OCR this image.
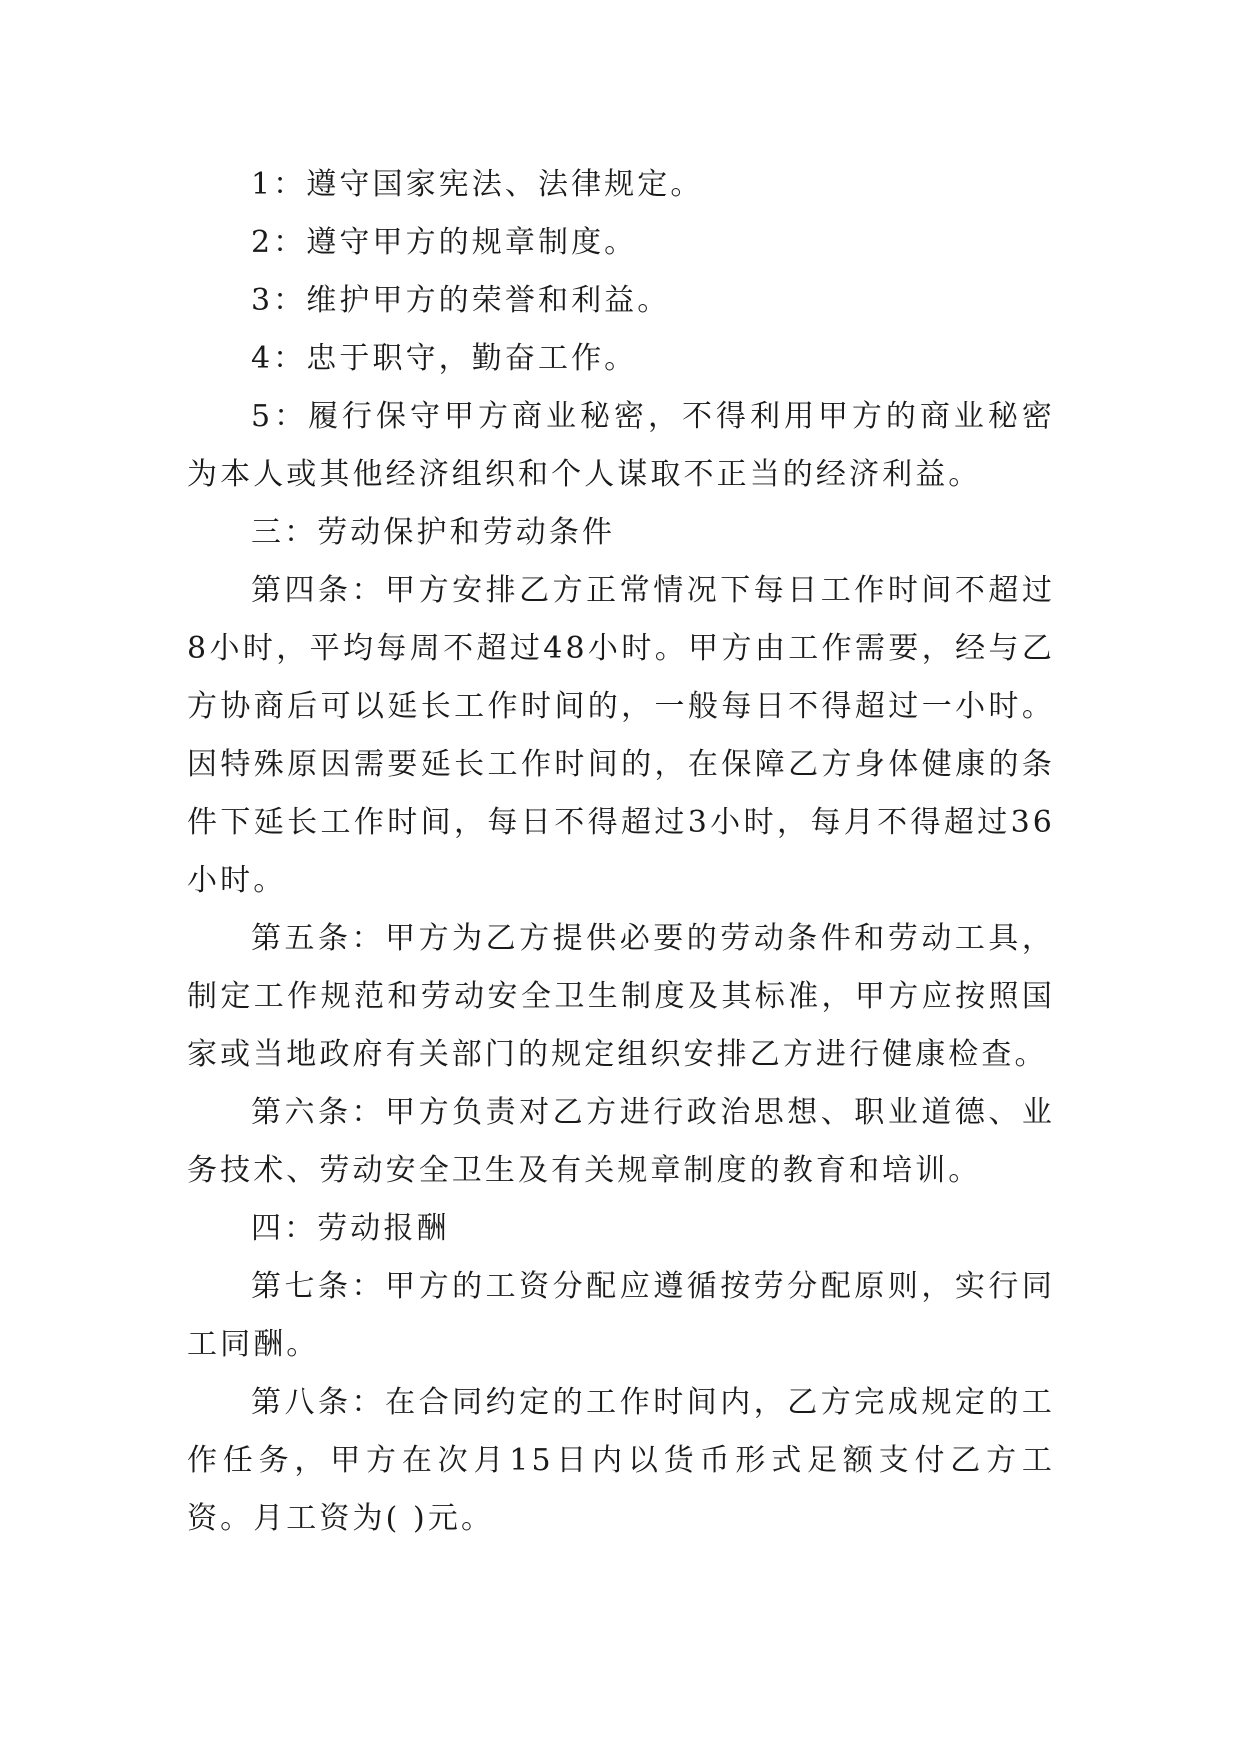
1：遵守国家宪法、法律规定。

2：遵守甲方的规章制度。

3：维护甲方的荣誉和利益。

4：忠于职守，勤奋工作。

5：履行保守甲方商业秘密，不得利用甲方的商业秘密为本人或其他经济组织和个人谋取不正当的经济利益。

三：劳动保护和劳动条件

第四条：甲方安排乙方正常情况下每日工作时间不超过8小时，平均每周不超过48小时。甲方由工作需要，经与乙方协商后可以延长工作时间的，一般每日不得超过一小时。因特殊原因需要延长工作时间的，在保障乙方身体健康的条件下延长工作时间，每日不得超过3小时，每月不得超过36小时。

第五条：甲方为乙方提供必要的劳动条件和劳动工具，制定工作规范和劳动安全卫生制度及其标准，甲方应按照国家或当地政府有关部门的规定组织安排乙方进行健康检查。

第六条：甲方负责对乙方进行政治思想、职业道德、业务技术、劳动安全卫生及有关规章制度的教育和培训。

四：劳动报酬

第七条：甲方的工资分配应遵循按劳分配原则，实行同工同酬。

第八条：在合同约定的工作时间内，乙方完成规定的工作任务，甲方在次月15日内以货币形式足额支付乙方工资。月工资为( )元。
